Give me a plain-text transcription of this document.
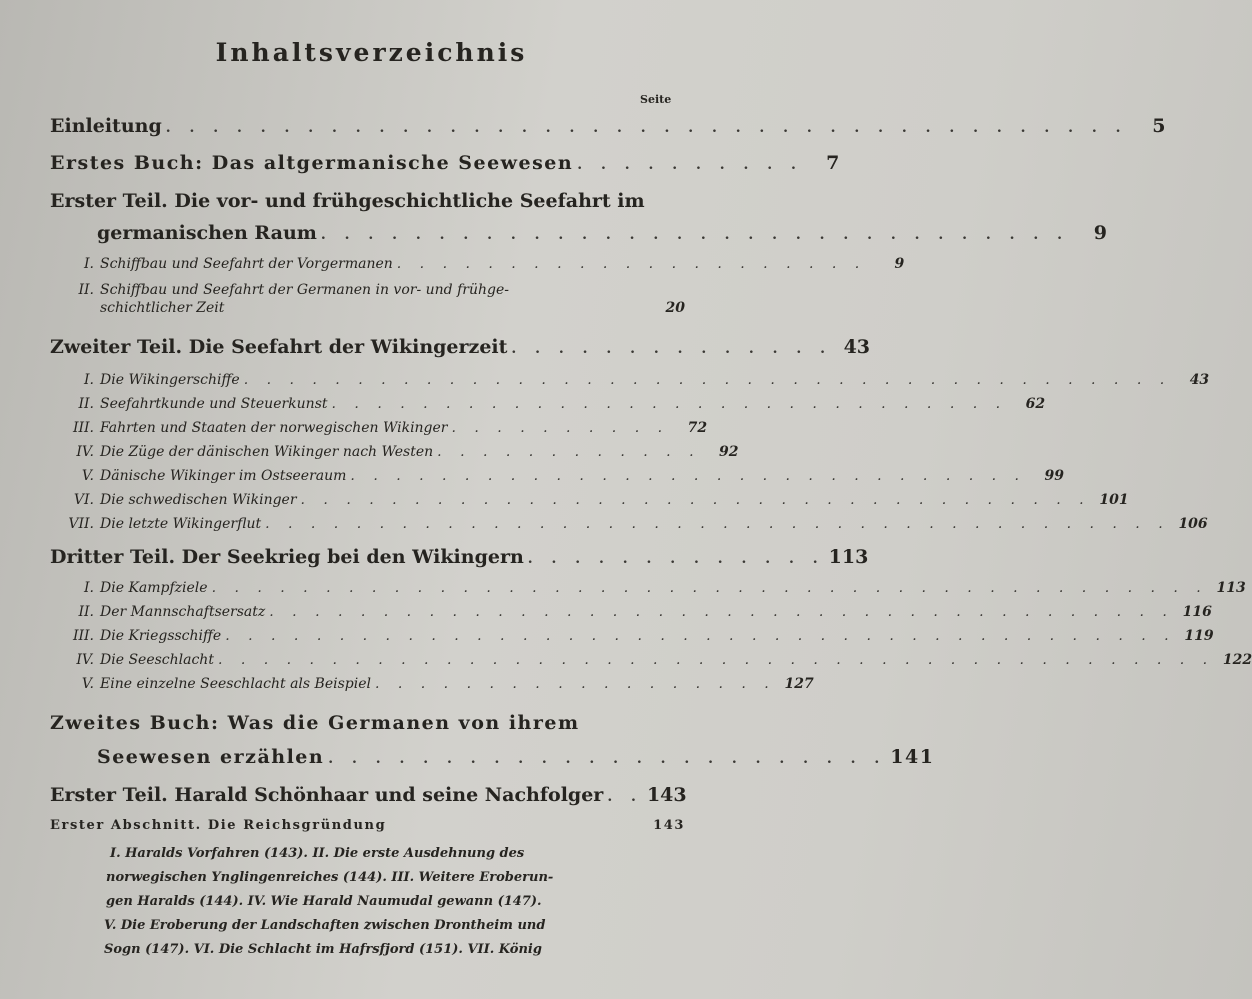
Inhaltsverzeichnis
Seite
Einleitung . . . . . . . . . . . . . . . . . . . . . . . . . . . . . . . . . . . . . . . . .	5
Erstes Buch: Das altgermanische Seewesen . . . . . . . . . .	7
Erster Teil. Die vor- und frühgeschichtliche Seefahrt im
germanischen Raum . . . . . . . . . . . . . . . . . . . . . . . . . . . . . . . .	9
I. Schiffbau und Seefahrt der Vorgermanen . . . . . . . . . . . . . . . . . . . . .	9
II. Schiffbau und Seefahrt der Germanen in vor- und frühge-
schichtlicher Zeit	20
Zweiter Teil. Die Seefahrt der Wikingerzeit . . . . . . . . . . . . . . 43
I. Die Wikingerschiffe . . . . . . . . . . . . . . . . . . . . . . . . . . . . . . . . . . . . . . . . .	43
II. Seefahrtkunde und Steuerkunst . . . . . . . . . . . . . . . . . . . . . . . . . . . . . .	62
III. Fahrten und Staaten der norwegischen Wikinger . . . . . . . . . .	72
IV. Die Züge der dänischen Wikinger nach Westen . . . . . . . . . . . .	92
V. Dänische Wikinger im Ostseeraum . . . . . . . . . . . . . . . . . . . . . . . . . . . . . .	99
VI. Die schwedischen Wikinger . . . . . . . . . . . . . . . . . . . . . . . . . . . . . . . . . . . 101
VII. Die letzte Wikingerflut . . . . . . . . . . . . . . . . . . . . . . . . . . . . . . . . . . . . . . . . 106
Dritter Teil. Der Seekrieg bei den Wikingern . . . . . . . . . . . . . 113
I. Die Kampfziele . . . . . . . . . . . . . . . . . . . . . . . . . . . . . . . . . . . . . . . . . . . . 113
II. Der Mannschaftsersatz . . . . . . . . . . . . . . . . . . . . . . . . . . . . . . . . . . . . . . . . 116
III. Die Kriegsschiffe . . . . . . . . . . . . . . . . . . . . . . . . . . . . . . . . . . . . . . . . . . 119
IV. Die Seeschlacht . . . . . . . . . . . . . . . . . . . . . . . . . . . . . . . . . . . . . . . . . . . . 122
V. Eine einzelne Seeschlacht als Beispiel . . . . . . . . . . . . . . . . . . 127
Zweites Buch: Was die Germanen von ihrem
Seewesen erzählen . . . . . . . . . . . . . . . . . . . . . . . . 141
Erster Teil. Harald Schönhaar und seine Nachfolger . . 143
Erster Abschnitt. Die Reichsgründung	143
I. Haralds Vorfahren (143). II. Die erste Ausdehnung des
norwegischen Ynglingenreiches (144). III. Weitere Eroberun-
gen Haralds (144). IV. Wie Harald Naumudal gewann (147).
V. Die Eroberung der Landschaften zwischen Drontheim und
Sogn (147). VI. Die Schlacht im Hafrsfjord (151). VII. König
